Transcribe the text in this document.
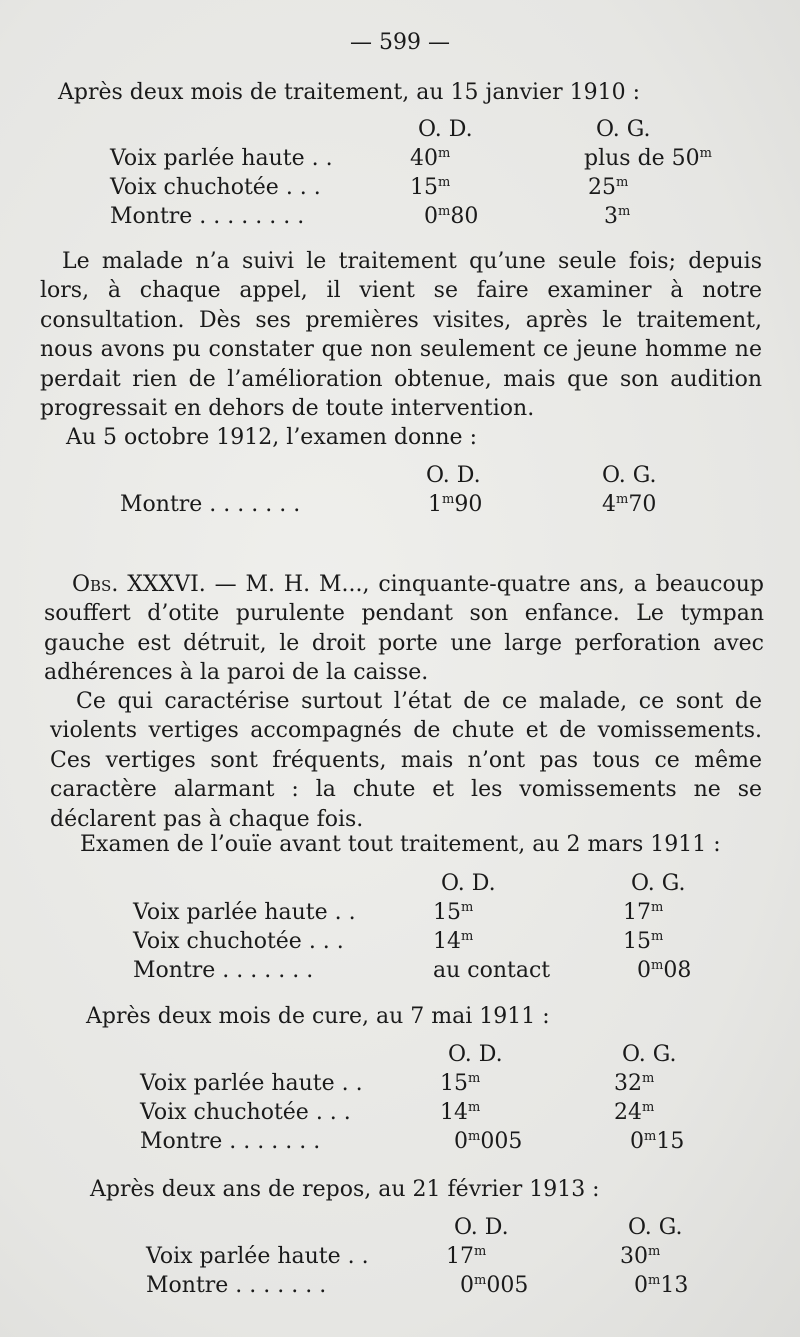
— 599 —
Après deux mois de traitement, au 15 janvier 1910 :
	O. D.	O. G.
Voix parlée haute . .	40$^m$	plus de 50$^m$
Voix chuchotée . . .	15$^m$	25$^m$
Montre . . . . . . . .	0$^m$80	3$^m$
Le malade n’a suivi le traitement qu’une seule fois; depuis lors, à chaque appel, il vient se faire examiner à notre consultation. Dès ses premières visites, après le traitement, nous avons pu constater que non seulement ce jeune homme ne perdait rien de l’amélioration obtenue, mais que son audition progressait en dehors de toute intervention.
Au 5 octobre 1912, l’examen donne :
	O. D.	O. G.
Montre . . . . . . .	1$^m$90	4$^m$70
Obs. XXXVI. — M. H. M..., cinquante-quatre ans, a beaucoup souffert d’otite purulente pendant son enfance. Le tympan gauche est détruit, le droit porte une large perforation avec adhérences à la paroi de la caisse.
Ce qui caractérise surtout l’état de ce malade, ce sont de violents vertiges accompagnés de chute et de vomissements. Ces vertiges sont fréquents, mais n’ont pas tous ce même caractère alarmant : la chute et les vomissements ne se déclarent pas à chaque fois.
Examen de l’ouïe avant tout traitement, au 2 mars 1911 :
	O. D.	O. G.
Voix parlée haute . .	15$^m$	17$^m$
Voix chuchotée . . .	14$^m$	15$^m$
Montre . . . . . . .	au contact	0$^m$08
Après deux mois de cure, au 7 mai 1911 :
	O. D.	O. G.
Voix parlée haute . .	15$^m$	32$^m$
Voix chuchotée . . .	14$^m$	24$^m$
Montre . . . . . . .	0$^m$005	0$^m$15
Après deux ans de repos, au 21 février 1913 :
	O. D.	O. G.
Voix parlée haute . .	17$^m$	30$^m$
Montre . . . . . . .	0$^m$005	0$^m$13
